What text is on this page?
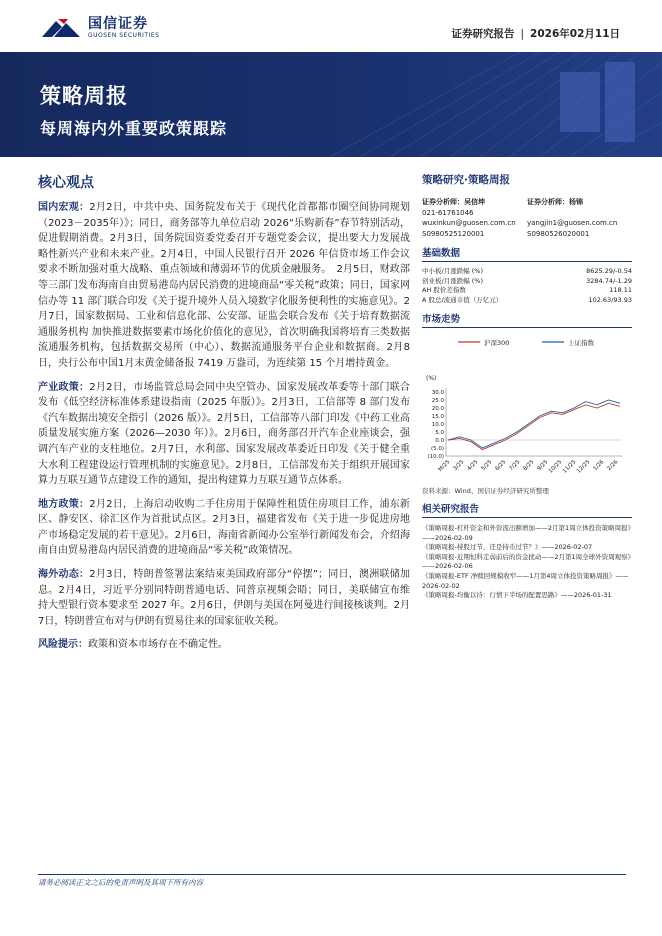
国信证券
GUOSEN SECURITIES	证券研究报告 | 2026年02月11日
策略周报
每周海内外重要政策跟踪
核心观点
国内宏观：2月2日，中共中央、国务院发布关于《现代化首都都市圈空间协同规划（2023－2035年）》；同日，商务部等九单位启动 2026“乐购新春”春节特别活动，促进假期消费。2月3日，国务院国资委党委召开专题党委会议，提出要大力发展战略性新兴产业和未来产业。2月4日，中国人民银行召开 2026 年信贷市场工作会议要求不断加强对重大战略、重点领域和薄弱环节的优质金融服务。　2月5日，财政部等三部门发布海南自由贸易港岛内居民消费的进境商品“零关税”政策；同日，国家网信办等 11 部门联合印发《关于提升境外人员入境数字化服务便利性的实施意见》。2月7日，国家数据局、工业和信息化部、公安部、证监会联合发布《关于培育数据流通服务机构 加快推进数据要素市场化价值化的意见》，首次明确我国将培育三类数据流通服务机构，包括数据交易所（中心）、数据流通服务平台企业和数据商。2月8日，央行公布中国1月末黄金储备报 7419 万盎司，为连续第 15 个月增持黄金。
产业政策：2月2日，市场监管总局会同中央空管办、国家发展改革委等十部门联合发布《低空经济标准体系建设指南（2025 年版）》。2月3日，工信部等 8 部门发布《汽车数据出境安全指引（2026 版）》。2月5日，工信部等八部门印发《中药工业高质量发展实施方案（2026—2030 年）》。2月6日，商务部召开汽车企业座谈会，强调汽车产业的支柱地位。2月7日，水利部、国家发展改革委近日印发《关于健全重大水利工程建设运行管理机制的实施意见》。2月8日，工信部发布关于组织开展国家算力互联互通节点建设工作的通知，提出构建算力互联互通节点体系。
地方政策：2月2日，上海启动收购二手住房用于保障性租赁住房项目工作，浦东新区、静安区、徐汇区作为首批试点区。2月3日，福建省发布《关于进一步促进房地产市场稳定发展的若干意见》。2月6日，海南省新闻办公室举行新闻发布会，介绍海南自由贸易港岛内居民消费的进境商品“零关税”政策情况。
海外动态：2月3日，特朗普签署法案结束美国政府部分“停摆”；同日，澳洲联储加息。2月4日，习近平分别同特朗普通电话、同普京视频会晤；同日，美联储宣布维持大型银行资本要求至 2027 年。2月6日，伊朗与美国在阿曼进行间接核谈判。2月7日，特朗普宣布对与伊朗有贸易往来的国家征收关税。
风险提示：政策和资本市场存在不确定性。
策略研究·策略周报
证券分析师：吴信坤
021-61761046
wuxinkun@guosen.com.cn
S0980525120001
证券分析师：杨锦

yangjin1@guosen.com.cn
S0980526020001
基础数据
中小板/月涨跌幅 (%)	8625.29/-0.54
创业板/月涨跌幅 (%)	3284.74/-1.29
AH 股价差指数	118.11
A 股总/流通市值（万亿元）	102.63/93.93
市场走势
沪深300	上证指数
(%)
30.0
25.0
20.0
15.0
10.0
5.0
0.0
(5.0)
(10.0)
M/25 3/25 4/25 5/25 6/25 7/25 8/25 9/25
10/25
11/25
12/25 1/26 2/26
资料来源：Wind、国信证券经济研究所整理
相关研究报告
《策略周报-杠杆资金和外资流出额增加——2月第1周立体投资策略周报》——2026-02-09
《策略周报-持股过节，还是持币过节？》——2026-02-07
《策略周报-近期恒科走弱前后的资金扰动——2月第1周全球外资周观察》——2026-02-06
《策略周报-ETF 净赎回规模收窄——1月第4周立体投资策略周报》——2026-02-02
《策略周报-均衡以待：行情下半场的配置思路》——2026-01-31
请务必阅读正文之后的免责声明及其项下所有内容
